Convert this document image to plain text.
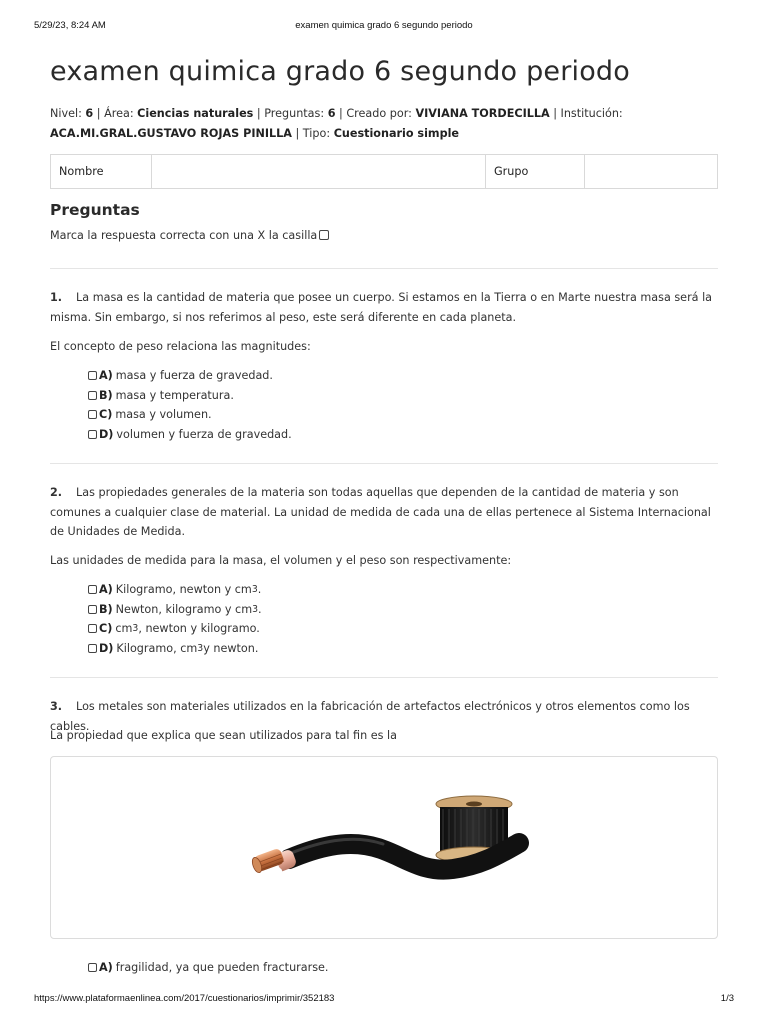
5/29/23, 8:24 AM	examen quimica grado 6 segundo periodo
examen quimica grado 6 segundo periodo
Nivel: 6 | Área: Ciencias naturales | Preguntas: 6 | Creado por: VIVIANA TORDECILLA | Institución: ACA.MI.GRAL.GUSTAVO ROJAS PINILLA | Tipo: Cuestionario simple
Nombre	Grupo
Preguntas
Marca la respuesta correcta con una X la casilla
1. La masa es la cantidad de materia que posee un cuerpo. Si estamos en la Tierra o en Marte nuestra masa será la misma. Sin embargo, si nos referimos al peso, este será diferente en cada planeta.
El concepto de peso relaciona las magnitudes:
A) masa y fuerza de gravedad.
B) masa y temperatura.
C) masa y volumen.
D) volumen y fuerza de gravedad.
2. Las propiedades generales de la materia son todas aquellas que dependen de la cantidad de materia y son comunes a cualquier clase de material. La unidad de medida de cada una de ellas pertenece al Sistema Internacional de Unidades de Medida.
Las unidades de medida para la masa, el volumen y el peso son respectivamente:
A) Kilogramo, newton y cm 3 .
B) Newton, kilogramo y cm 3 .
C) cm 3 , newton y kilogramo.
D) Kilogramo, cm 3 y newton.
3. Los metales son materiales utilizados en la fabricación de artefactos electrónicos y otros elementos como los cables.
La propiedad que explica que sean utilizados para tal fin es la
A) fragilidad, ya que pueden fracturarse.
https://www.plataformaenlinea.com/2017/cuestionarios/imprimir/352183	1/3
